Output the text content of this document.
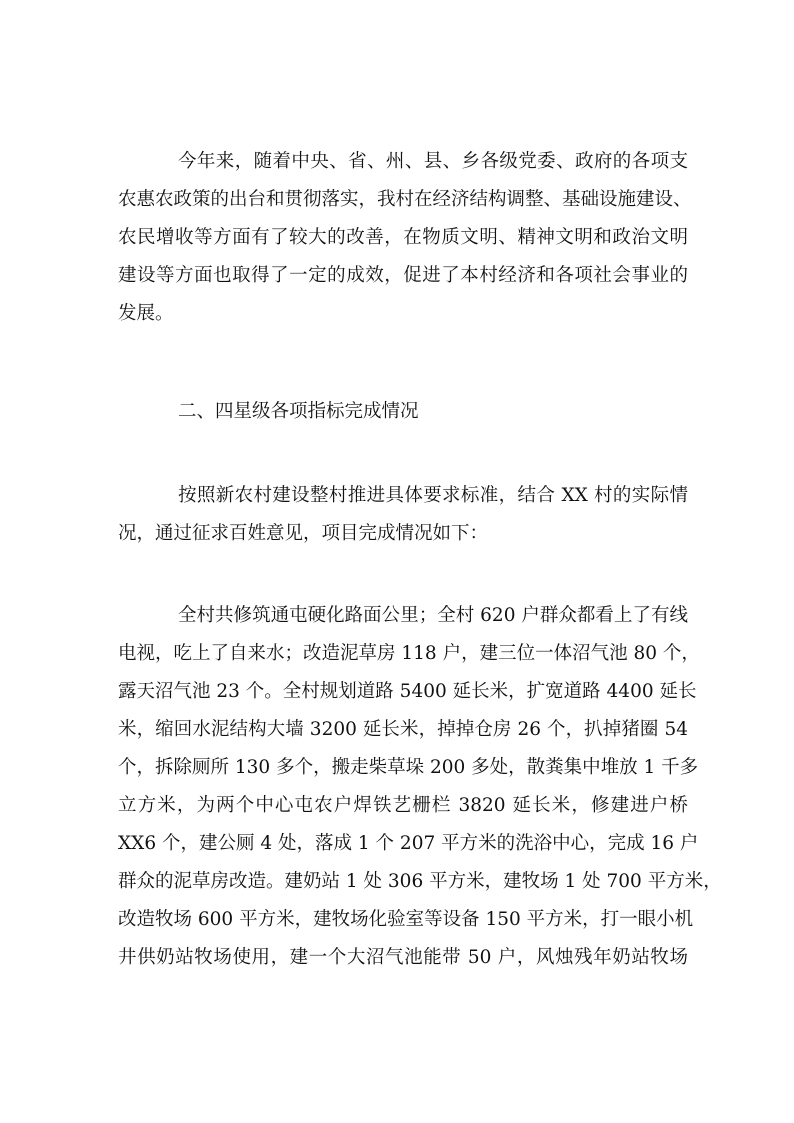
今年来，随着中央、省、州、县、乡各级党委、政府的各项支
农惠农政策的出台和贯彻落实，我村在经济结构调整、基础设施建设、
农民增收等方面有了较大的改善，在物质文明、精神文明和政治文明
建设等方面也取得了一定的成效，促进了本村经济和各项社会事业的
发展。
二、四星级各项指标完成情况
按照新农村建设整村推进具体要求标准，结合 XX 村的实际情
况，通过征求百姓意见，项目完成情况如下：
全村共修筑通屯硬化路面公里；全村 620 户群众都看上了有线
电视，吃上了自来水；改造泥草房 118 户，建三位一体沼气池 80 个，
露天沼气池 23 个。全村规划道路 5400 延长米，扩宽道路 4400 延长
米，缩回水泥结构大墙 3200 延长米，掉掉仓房 26 个，扒掉猪圈 54
个，拆除厕所 130 多个，搬走柴草垛 200 多处，散粪集中堆放 1 千多
立方米，为两个中心屯农户焊铁艺栅栏 3820 延长米，修建进户桥
XX6 个，建公厕 4 处，落成 1 个 207 平方米的洗浴中心，完成 16 户
群众的泥草房改造。建奶站 1 处 306 平方米，建牧场 1 处 700 平方米，
改造牧场 600 平方米，建牧场化验室等设备 150 平方米，打一眼小机
井供奶站牧场使用，建一个大沼气池能带 50 户，风烛残年奶站牧场
